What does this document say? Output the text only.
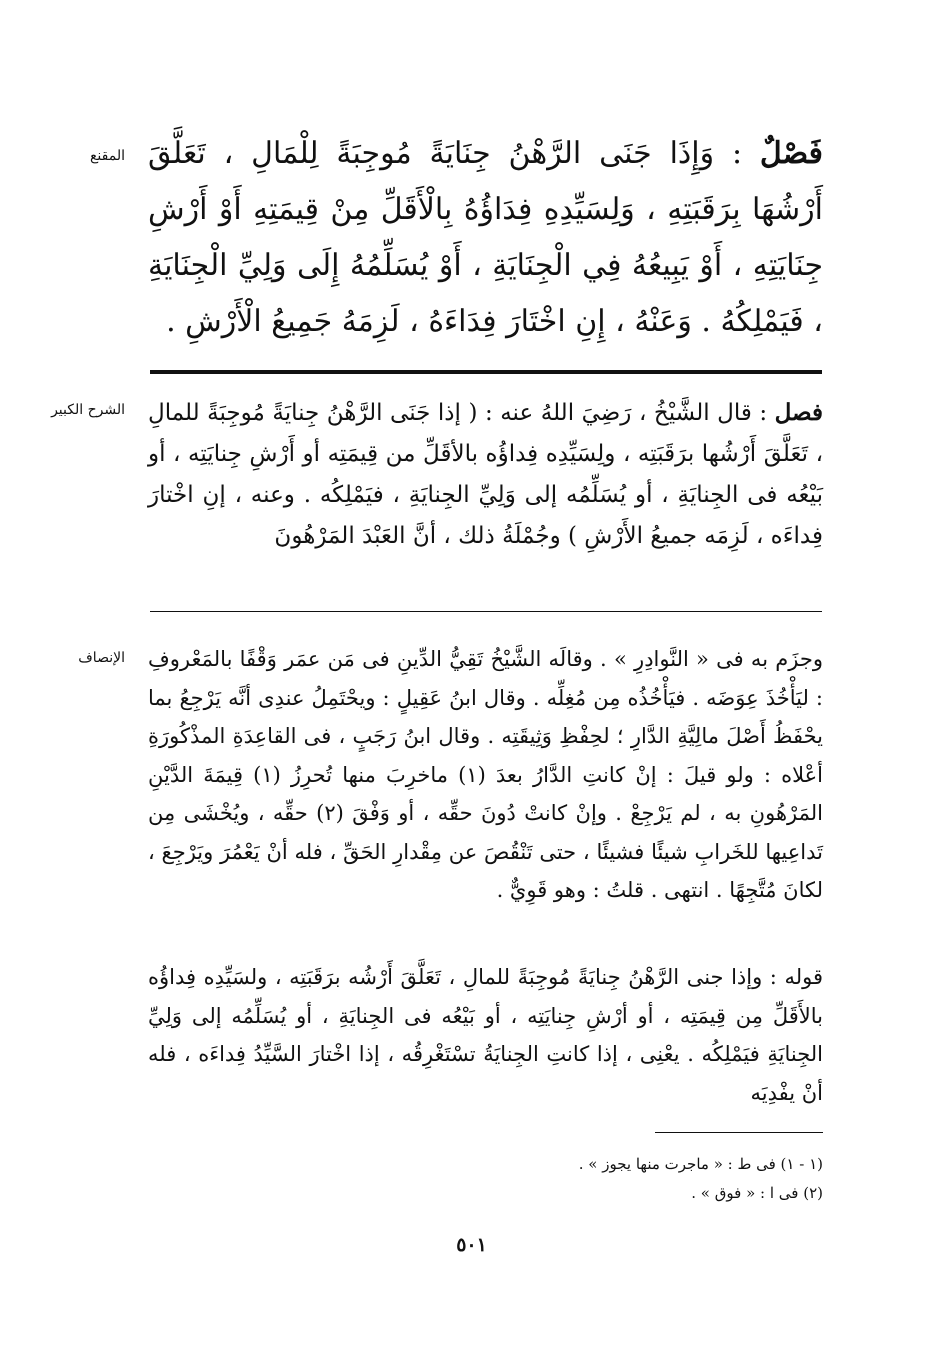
المقنع
الشرح الكبير
الإنصاف

فَصْلٌ : وَإِذَا جَنَى الرَّهْنُ جِنَايَةً مُوجِبَةً لِلْمَالِ ، تَعَلَّقَ أَرْشُهَا بِرَقَبَتِهِ ، وَلِسَيِّدِهِ فِدَاؤُهُ بِالْأَقَلِّ مِنْ قِيمَتِهِ أَوْ أَرْشِ جِنَايَتِهِ ، أَوْ يَبِيعُهُ فِي الْجِنَايَةِ ، أَوْ يُسَلِّمُهُ إِلَى وَلِيِّ الْجِنَايَةِ ، فَيَمْلِكُهُ . وَعَنْهُ ، إِنِ اخْتَارَ فِدَاءَهُ ، لَزِمَهُ جَمِيعُ الْأَرْشِ .

فصل : قال الشَّيْخُ ، رَضِيَ اللهُ عنه : ( إذا جَنَى الرَّهْنُ جِنايَةً مُوجِبَةً للمالِ ، تَعَلَّقَ أَرْشُها برَقَبَتِه ، ولِسَيِّدِه فِداؤُه بالأقَلِّ من قِيمَتِه أو أَرْشِ جِنايَتِه ، أو بَيْعُه فى الجِنايَةِ ، أو يُسَلِّمُه إلى وَلِيِّ الجِنايَةِ ، فيَمْلِكُه . وعنه ، إنِ اخْتارَ فِداءَه ، لَزِمَه جميعُ الأَرْشِ ) وجُمْلَةُ ذلك ، أنَّ العَبْدَ المَرْهُونَ

وجزَم به فى « النَّوادِرِ » . وقالَه الشَّيْخُ تَقِيُّ الدِّينِ فى مَن عمَر وَقْفًا بالمَعْروفِ : ليَأْخُذَ عِوَضَه . فيَأْخُذُه مِن مُغِلِّه . وقال ابنُ عَقِيلٍ : ويحْتَمِلُ عندِى أنَّه يَرْجِعُ بما يحْفَظُ أَصْلَ مالِيَّةِ الدَّارِ ؛ لحِفْظِ وَثِيقَتِه . وقال ابنُ رَجَبٍ ، فى القاعِدَةِ المذْكُورَةِ أعْلاه : ولو قيلَ : إنْ كانتِ الدَّارُ بعدَ (١) ماخرِبَ منها تُحرِزُ (١) قِيمَةَ الدَّيْنِ المَرْهُونِ به ، لم يَرْجِعْ . وإنْ كانتْ دُونَ حقِّه ، أو وَفْقَ (٢) حقِّه ، ويُخْشَى مِن تَداعِيها للخَرابِ شيئًا فشيئًا ، حتى تَنْقُصَ عن مِقْدارِ الحَقِّ ، فله أنْ يَعْمُرَ ويَرْجِعَ ، لكانَ مُتَّجِهًا . انتهى . قلتُ : وهو قَوِيٌّ .

قوله : وإذا جنى الرَّهْنُ جِنايَةً مُوجِبَةً للمالِ ، تَعَلَّقَ أَرْشُه برَقَبَتِه ، ولسَيِّدِه فِداؤُه بالأَقَلِّ مِن قِيمَتِه ، أو أرْشِ جِنايَتِه ، أو بَيْعُه فى الجِنايَةِ ، أو يُسَلِّمُه إلى وَلِيِّ الجِنايَةِ فيَمْلِكُه . يعْنِى ، إذا كانتِ الجِنايَةُ تسْتَغْرِقُه ، إذا اخْتارَ السَّيِّدُ فِداءَه ، فله أنْ يفْدِيَه

(١ - ١) فى ط : « ماجرت منها يجوز » .
(٢) فى ا : « فوق » .
٥٠١
